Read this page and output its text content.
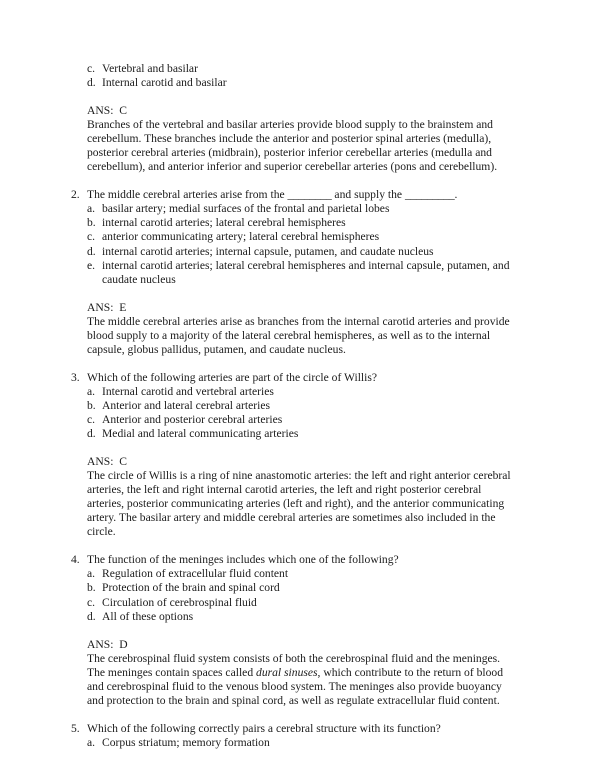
c. Vertebral and basilar
d. Internal carotid and basilar
ANS:  C
Branches of the vertebral and basilar arteries provide blood supply to the brainstem and cerebellum. These branches include the anterior and posterior spinal arteries (medulla), posterior cerebral arteries (midbrain), posterior inferior cerebellar arteries (medulla and cerebellum), and anterior inferior and superior cerebellar arteries (pons and cerebellum).
2. The middle cerebral arteries arise from the ________ and supply the _________.
a. basilar artery; medial surfaces of the frontal and parietal lobes
b. internal carotid arteries; lateral cerebral hemispheres
c. anterior communicating artery; lateral cerebral hemispheres
d. internal carotid arteries; internal capsule, putamen, and caudate nucleus
e. internal carotid arteries; lateral cerebral hemispheres and internal capsule, putamen, and caudate nucleus
ANS:  E
The middle cerebral arteries arise as branches from the internal carotid arteries and provide blood supply to a majority of the lateral cerebral hemispheres, as well as to the internal capsule, globus pallidus, putamen, and caudate nucleus.
3. Which of the following arteries are part of the circle of Willis?
a. Internal carotid and vertebral arteries
b. Anterior and lateral cerebral arteries
c. Anterior and posterior cerebral arteries
d. Medial and lateral communicating arteries
ANS:  C
The circle of Willis is a ring of nine anastomotic arteries: the left and right anterior cerebral arteries, the left and right internal carotid arteries, the left and right posterior cerebral arteries, posterior communicating arteries (left and right), and the anterior communicating artery. The basilar artery and middle cerebral arteries are sometimes also included in the circle.
4. The function of the meninges includes which one of the following?
a. Regulation of extracellular fluid content
b. Protection of the brain and spinal cord
c. Circulation of cerebrospinal fluid
d. All of these options
ANS:  D
The cerebrospinal fluid system consists of both the cerebrospinal fluid and the meninges. The meninges contain spaces called dural sinuses, which contribute to the return of blood and cerebrospinal fluid to the venous blood system. The meninges also provide buoyancy and protection to the brain and spinal cord, as well as regulate extracellular fluid content.
5. Which of the following correctly pairs a cerebral structure with its function?
a. Corpus striatum; memory formation
